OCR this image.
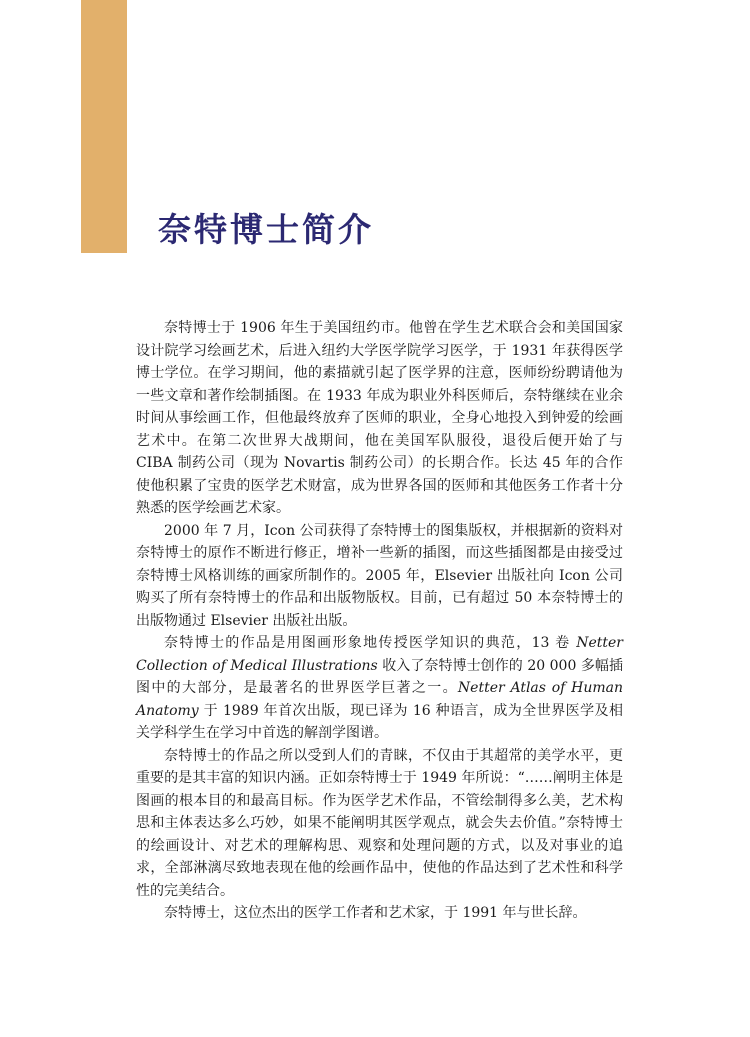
奈特博士简介

奈特博士于 1906 年生于美国纽约市。他曾在学生艺术联合会和美国国家设计院学习绘画艺术，后进入纽约大学医学院学习医学，于 1931 年获得医学博士学位。在学习期间，他的素描就引起了医学界的注意，医师纷纷聘请他为一些文章和著作绘制插图。在 1933 年成为职业外科医师后，奈特继续在业余时间从事绘画工作，但他最终放弃了医师的职业，全身心地投入到钟爱的绘画艺术中。在第二次世界大战期间，他在美国军队服役，退役后便开始了与 CIBA 制药公司（现为 Novartis 制药公司）的长期合作。长达 45 年的合作使他积累了宝贵的医学艺术财富，成为世界各国的医师和其他医务工作者十分熟悉的医学绘画艺术家。

2000 年 7 月，Icon 公司获得了奈特博士的图集版权，并根据新的资料对奈特博士的原作不断进行修正，增补一些新的插图，而这些插图都是由接受过奈特博士风格训练的画家所制作的。2005 年，Elsevier 出版社向 Icon 公司购买了所有奈特博士的作品和出版物版权。目前，已有超过 50 本奈特博士的出版物通过 Elsevier 出版社出版。

奈特博士的作品是用图画形象地传授医学知识的典范，13 卷 Netter Collection of Medical Illustrations 收入了奈特博士创作的 20 000 多幅插图中的大部分，是最著名的世界医学巨著之一。Netter Atlas of Human Anatomy 于 1989 年首次出版，现已译为 16 种语言，成为全世界医学及相关学科学生在学习中首选的解剖学图谱。

奈特博士的作品之所以受到人们的青睐，不仅由于其超常的美学水平，更重要的是其丰富的知识内涵。正如奈特博士于 1949 年所说：“……阐明主体是图画的根本目的和最高目标。作为医学艺术作品，不管绘制得多么美，艺术构思和主体表达多么巧妙，如果不能阐明其医学观点，就会失去价值。”奈特博士的绘画设计、对艺术的理解构思、观察和处理问题的方式，以及对事业的追求，全部淋漓尽致地表现在他的绘画作品中，使他的作品达到了艺术性和科学性的完美结合。

奈特博士，这位杰出的医学工作者和艺术家，于 1991 年与世长辞。
